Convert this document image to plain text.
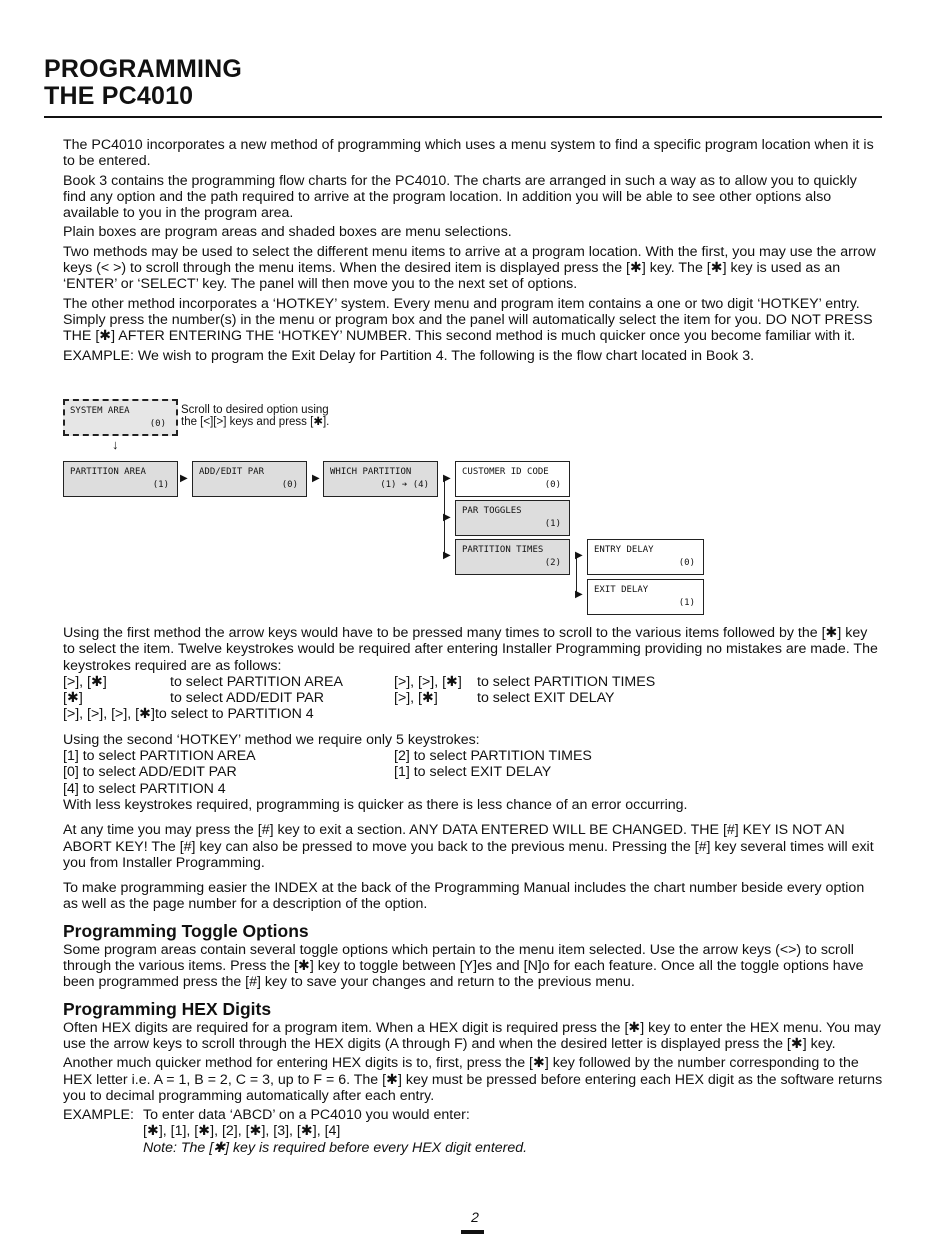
PROGRAMMING
THE PC4010

The PC4010 incorporates a new method of programming which uses a menu system to find a specific program location when it is to be entered.

Book 3 contains the programming flow charts for the PC4010. The charts are arranged in such a way as to allow you to quickly find any option and the path required to arrive at the program location. In addition you will be able to see other options also available to you in the program area.

Plain boxes are program areas and shaded boxes are menu selections.

Two methods may be used to select the different menu items to arrive at a program location. With the first, you may use the arrow keys (< >) to scroll through the menu items. When the desired item is displayed press the [✱] key. The [✱] key is used as an ‘ENTER’ or ‘SELECT’ key. The panel will then move you to the next set of options.

The other method incorporates a ‘HOTKEY’ system. Every menu and program item contains a one or two digit ‘HOTKEY’ entry. Simply press the number(s) in the menu or program box and the panel will automatically select the item for you. DO NOT PRESS THE [✱] AFTER ENTERING THE ‘HOTKEY’ NUMBER. This second method is much quicker once you become familiar with it.

EXAMPLE: We wish to program the Exit Delay for Partition 4. The following is the flow chart located in Book 3.

SYSTEM AREA
(0)
Scroll to desired option using
the [<][>] keys and press [✱].
↓
PARTITION AREA
(1)
▶
ADD/EDIT PAR
(0)
▶
WHICH PARTITION
(1) ➔ (4)
▶
▶
▶
CUSTOMER ID CODE
(0)
PAR TOGGLES
(1)
PARTITION TIMES
(2)
▶
▶
ENTRY DELAY
(0)
EXIT DELAY
(1)

Using the first method the arrow keys would have to be pressed many times to scroll to the various items followed by the [✱] key to select the item. Twelve keystrokes would be required after entering Installer Programming providing no mistakes are made. The keystrokes required are as follows:

[>], [✱]	to select PARTITION AREA	[>], [>], [✱]	to select PARTITION TIMES
[✱]	to select ADD/EDIT PAR	[>], [✱]	to select EXIT DELAY
[>], [>], [>], [✱]to select to PARTITION 4			

Using the second ‘HOTKEY’ method we require only 5 keystrokes:

[1] to select PARTITION AREA	[2] to select PARTITION TIMES
[0] to select ADD/EDIT PAR	[1] to select EXIT DELAY
[4] to select PARTITION 4	

With less keystrokes required, programming is quicker as there is less chance of an error occurring.

At any time you may press the [#] key to exit a section. ANY DATA ENTERED WILL BE CHANGED. THE [#] KEY IS NOT AN ABORT KEY! The [#] key can also be pressed to move you back to the previous menu. Pressing the [#] key several times will exit you from Installer Programming.

To make programming easier the INDEX at the back of the Programming Manual includes the chart number beside every option as well as the page number for a description of the option.

Programming Toggle Options

Some program areas contain several toggle options which pertain to the menu item selected. Use the arrow keys (<>) to scroll through the various items. Press the [✱] key to toggle between [Y]es and [N]o for each feature. Once all the toggle options have been programmed press the [#] key to save your changes and return to the previous menu.

Programming HEX Digits

Often HEX digits are required for a program item. When a HEX digit is required press the [✱] key to enter the HEX menu. You may use the arrow keys to scroll through the HEX digits (A through F) and when the desired letter is displayed press the [✱] key.

Another much quicker method for entering HEX digits is to, first, press the [✱] key followed by the number corresponding to the HEX letter i.e. A = 1, B = 2, C = 3, up to F = 6. The [✱] key must be pressed before entering each HEX digit as the software returns you to decimal programming automatically after each entry.

EXAMPLE: To enter data ‘ABCD’ on a PC4010 you would enter:
[✱], [1], [✱], [2], [✱], [3], [✱], [4]
Note: The [✱] key is required before every HEX digit entered.
2
